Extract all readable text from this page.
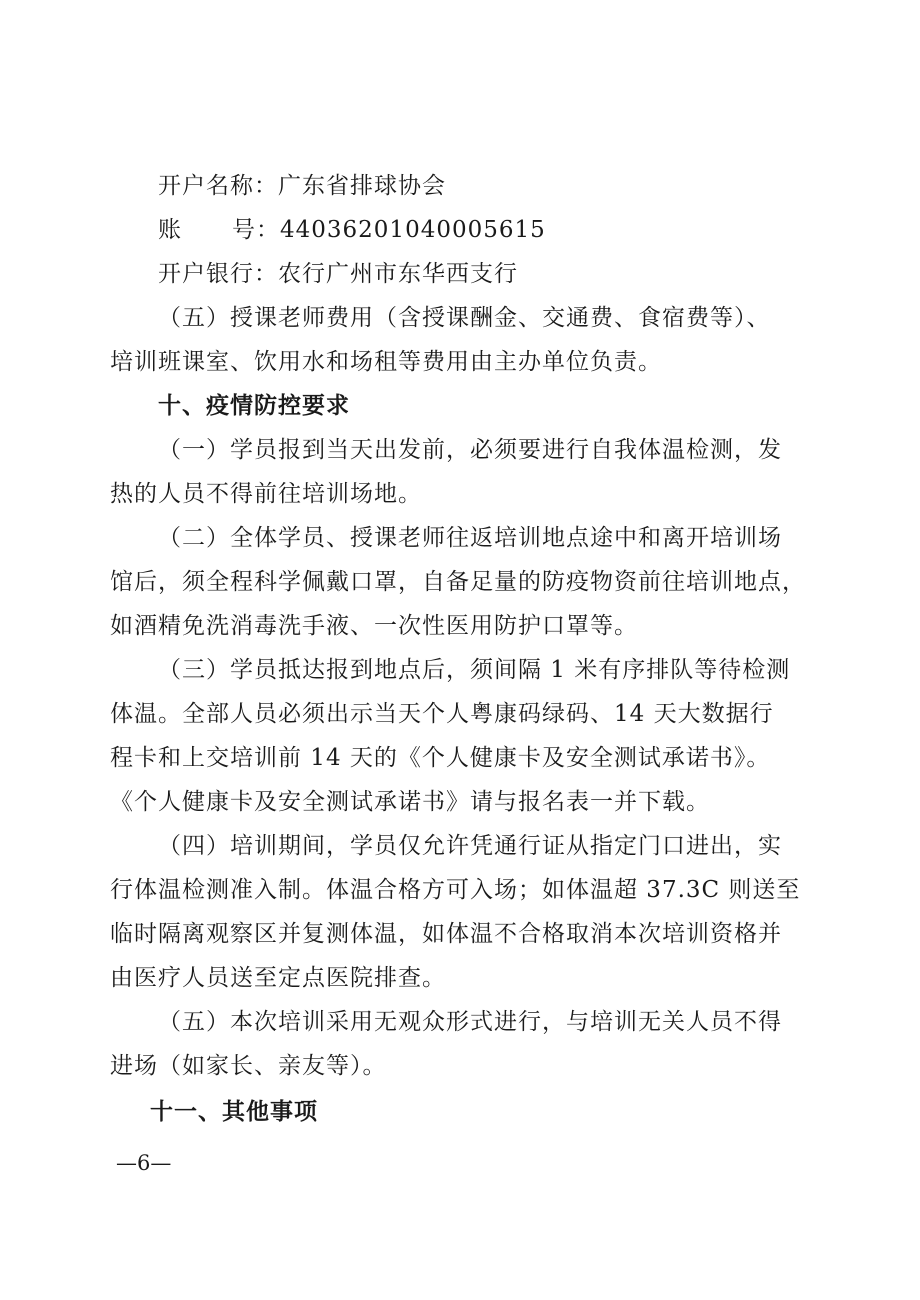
开户名称：广东省排球协会

账 号：44036201040005615

开户银行：农行广州市东华西支行

（五）授课老师费用（含授课酬金、交通费、食宿费等）、

培训班课室、饮用水和场租等费用由主办单位负责。

十、疫情防控要求

（一）学员报到当天出发前，必须要进行自我体温检测，发

热的人员不得前往培训场地。

（二）全体学员、授课老师往返培训地点途中和离开培训场

馆后，须全程科学佩戴口罩，自备足量的防疫物资前往培训地点，

如酒精免洗消毒洗手液、一次性医用防护口罩等。

（三）学员抵达报到地点后，须间隔 1 米有序排队等待检测

体温。全部人员必须出示当天个人粤康码绿码、14 天大数据行

程卡和上交培训前 14 天的《个人健康卡及安全测试承诺书》。

《个人健康卡及安全测试承诺书》请与报名表一并下载。

（四）培训期间，学员仅允许凭通行证从指定门口进出，实

行体温检测准入制。体温合格方可入场；如体温超 37.3C 则送至

临时隔离观察区并复测体温，如体温不合格取消本次培训资格并

由医疗人员送至定点医院排查。

（五）本次培训采用无观众形式进行，与培训无关人员不得

进场（如家长、亲友等）。

十一、其他事项

—6—
